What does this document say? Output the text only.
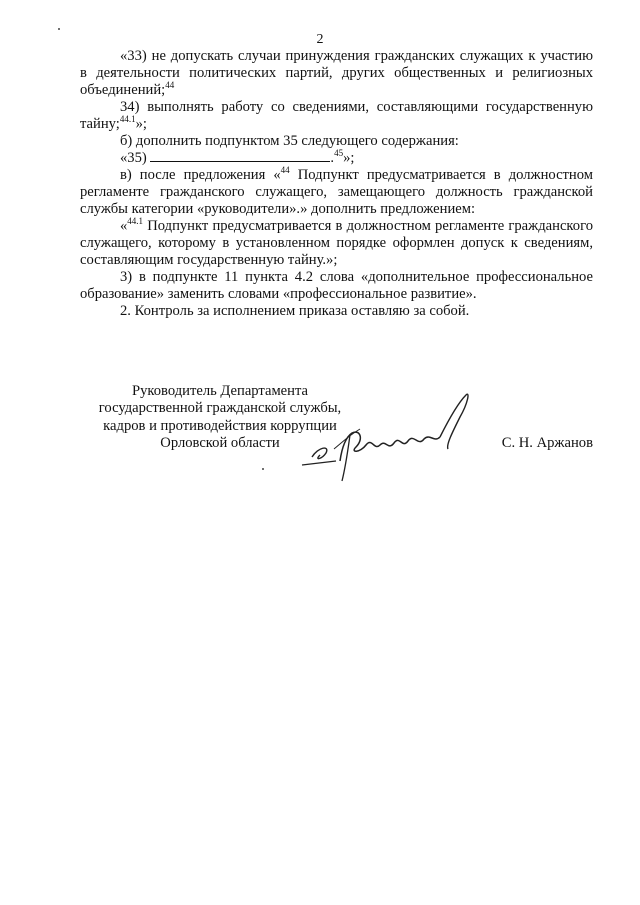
2

«33) не допускать случаи принуждения гражданских служащих к участию в деятельности политических партий, других общественных и религиозных объединений;$^{44}$

34) выполнять работу со сведениями, составляющими государственную тайну;$^{44.1}$»;

б) дополнить подпунктом 35 следующего содержания:

«35)	.$^{45}$»;

в) после предложения «$^{44}$ Подпункт предусматривается в должностном регламенте гражданского служащего, замещающего должность гражданской службы категории «руководители».» дополнить предложением:

«$^{44.1}$ Подпункт предусматривается в должностном регламенте гражданского служащего, которому в установленном порядке оформлен допуск к сведениям, составляющим государственную тайну.»;

3) в подпункте 11 пункта 4.2 слова «дополнительное профессиональное образование» заменить словами «профессиональное развитие».

2. Контроль за исполнением приказа оставляю за собой.

Руководитель Департамента
государственной гражданской службы,
кадров и противодействия коррупции
Орловской области	С. Н. Аржанов
